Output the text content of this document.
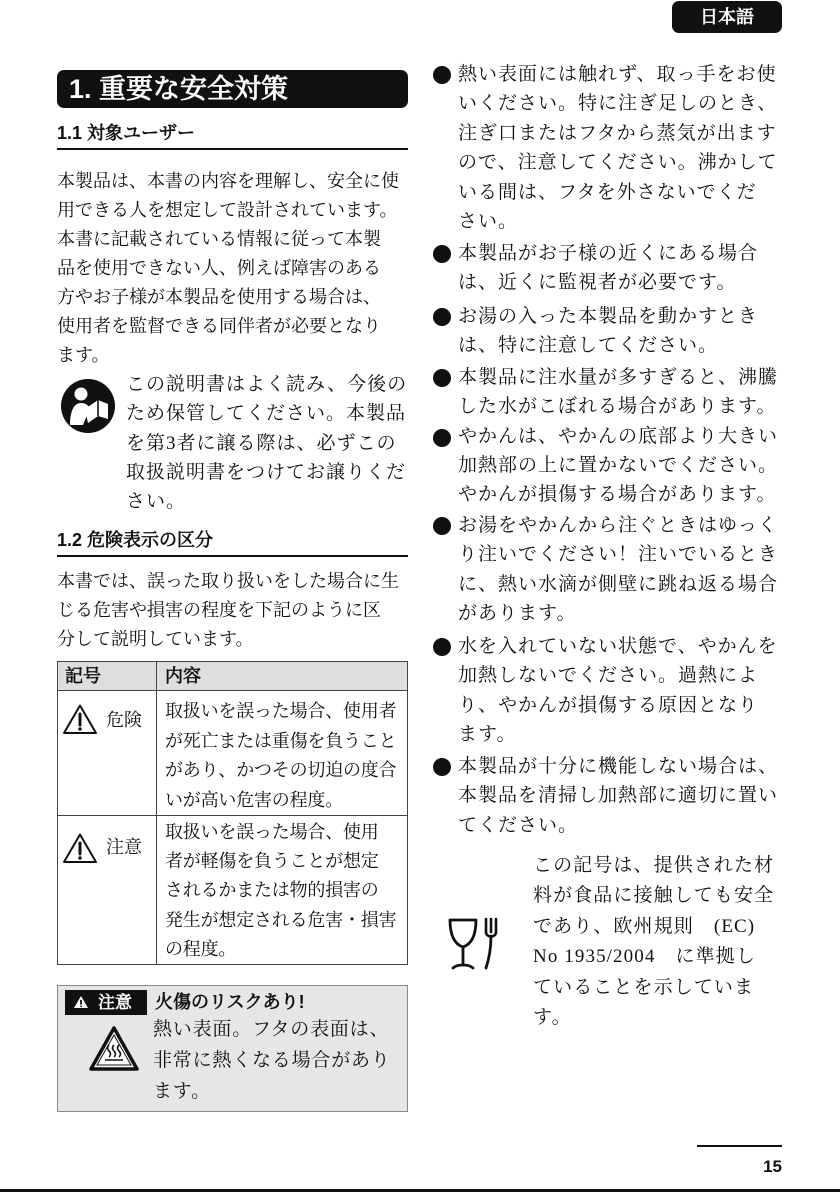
日本語
1. 重要な安全対策
1.1 対象ユーザー
本製品は、本書の内容を理解し、安全に使
用できる人を想定して設計されています。
本書に記載されている情報に従って本製
品を使用できない人、例えば障害のある
方やお子様が本製品を使用する場合は、
使用者を監督できる同伴者が必要となり
ます。
この説明書はよく読み、今後の
ため保管してください。本製品
を第3者に譲る際は、必ずこの
取扱説明書をつけてお譲りくだ
さい。
1.2 危険表示の区分
本書では、誤った取り扱いをした場合に生
じる危害や損害の程度を下記のように区
分して説明しています。
記号	内容
危険 取扱いを誤った場合、使用者
が死亡または重傷を負うこと
があり、かつその切迫の度合
いが高い危害の程度。
注意
取扱いを誤った場合、使用
者が軽傷を負うことが想定
されるかまたは物的損害の
発生が想定される危害・損害
の程度。
注意 火傷のリスクあり!
熱い表面。フタの表面は、
非常に熱くなる場合があり
ます。
熱い表面には触れず、取っ手をお使
いください。特に注ぎ足しのとき、
注ぎ口またはフタから蒸気が出ます
ので、注意してください。沸かして
いる間は、フタを外さないでくだ
さい。
本製品がお子様の近くにある場合
は、近くに監視者が必要です。
お湯の入った本製品を動かすとき
は、特に注意してください。
本製品に注水量が多すぎると、沸騰
した水がこぼれる場合があります。
やかんは、やかんの底部より大きい
加熱部の上に置かないでください。
やかんが損傷する場合があります。
お湯をやかんから注ぐときはゆっく
り注いでください！注いでいるとき
に、熱い水滴が側壁に跳ね返る場合
があります。
水を入れていない状態で、やかんを
加熱しないでください。過熱によ
り、やかんが損傷する原因となり
ます。
本製品が十分に機能しない場合は、
本製品を清掃し加熱部に適切に置い
てください。
この記号は、提供された材
料が食品に接触しても安全
であり、欧州規則　(EC)
No 1935/2004　に準拠し
ていることを示していま
す。
15
